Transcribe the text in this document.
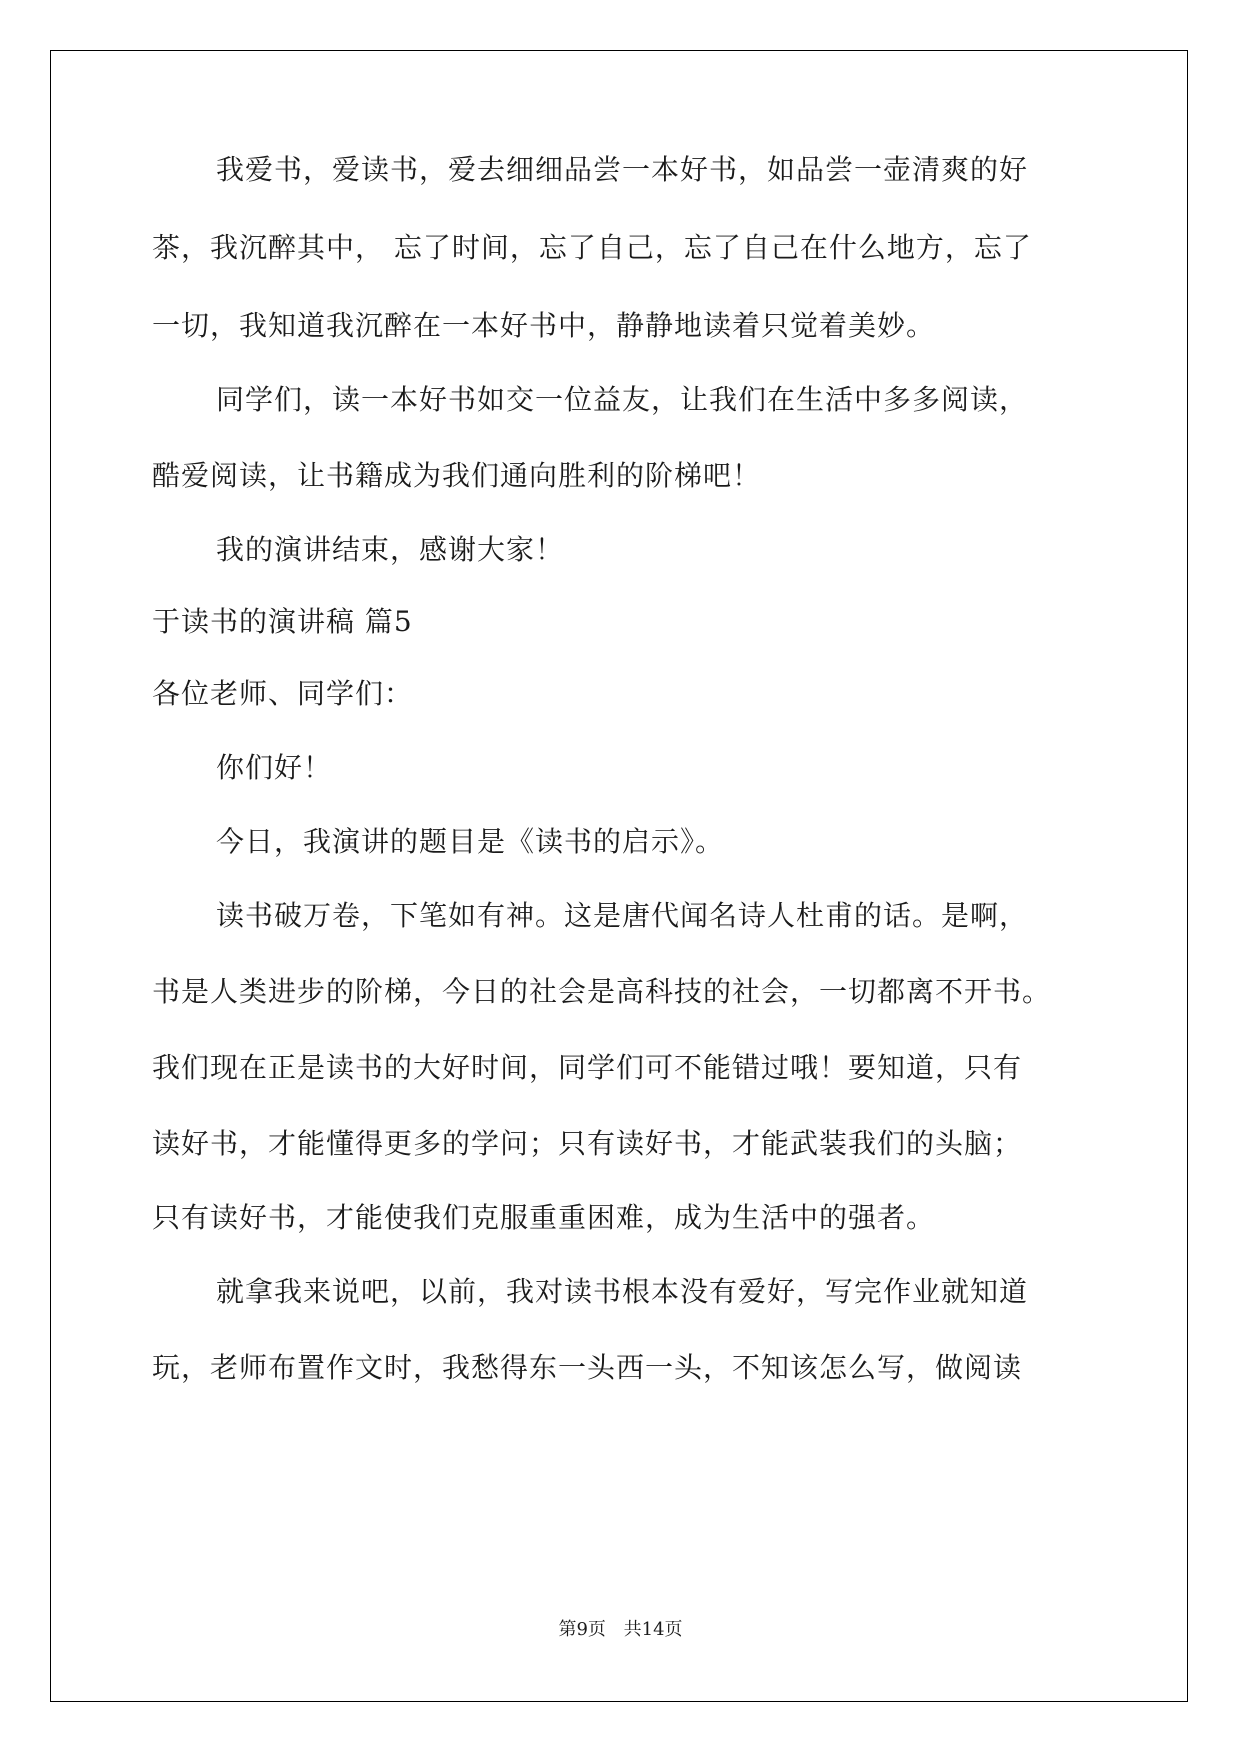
我爱书，爱读书，爱去细细品尝一本好书，如品尝一壶清爽的好
茶，我沉醉其中， 忘了时间，忘了自己，忘了自己在什么地方，忘了
一切，我知道我沉醉在一本好书中，静静地读着只觉着美妙。
同学们，读一本好书如交一位益友，让我们在生活中多多阅读，
酷爱阅读，让书籍成为我们通向胜利的阶梯吧！
我的演讲结束，感谢大家！
于读书的演讲稿 篇5
各位老师、同学们：
你们好！
今日，我演讲的题目是《读书的启示》。
读书破万卷，下笔如有神。这是唐代闻名诗人杜甫的话。是啊，
书是人类进步的阶梯，今日的社会是高科技的社会，一切都离不开书。
我们现在正是读书的大好时间，同学们可不能错过哦！要知道，只有
读好书，才能懂得更多的学问；只有读好书，才能武装我们的头脑；
只有读好书，才能使我们克服重重困难，成为生活中的强者。
就拿我来说吧，以前，我对读书根本没有爱好，写完作业就知道
玩，老师布置作文时，我愁得东一头西一头，不知该怎么写，做阅读
第9页 共14页
